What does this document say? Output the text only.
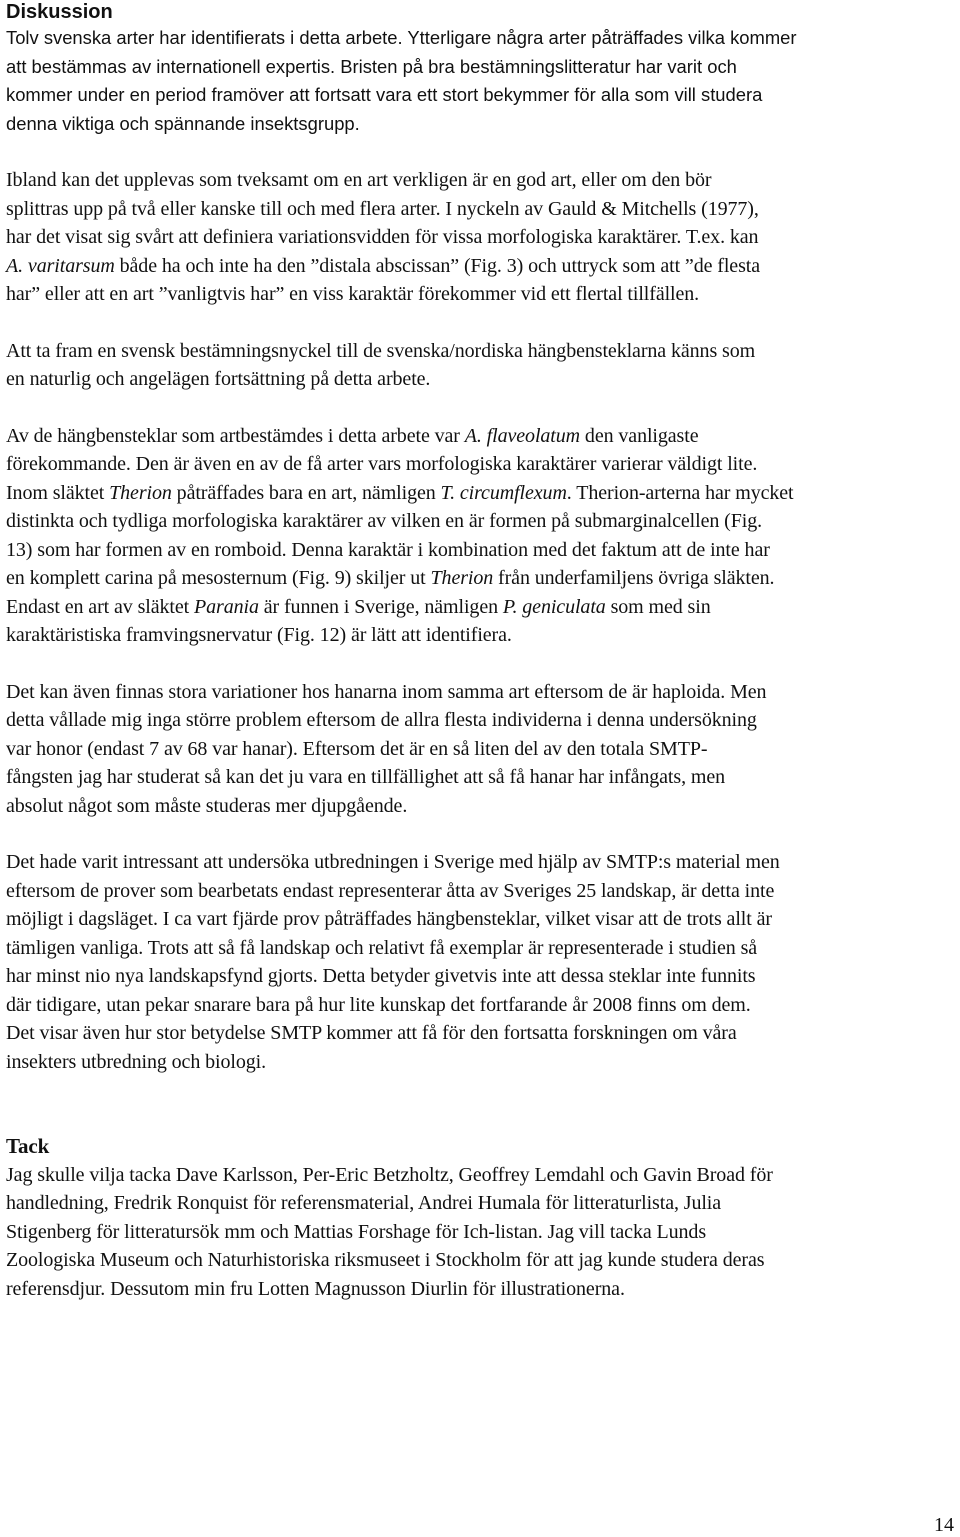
Diskussion

Tolv svenska arter har identifierats i detta arbete. Ytterligare några arter påträffades vilka kommer
att bestämmas av internationell expertis. Bristen på bra bestämningslitteratur har varit och
kommer under en period framöver att fortsatt vara ett stort bekymmer för alla som vill studera
denna viktiga och spännande insektsgrupp.

Ibland kan det upplevas som tveksamt om en art verkligen är en god art, eller om den bör
splittras upp på två eller kanske till och med flera arter. I nyckeln av Gauld & Mitchells (1977),
har det visat sig svårt att definiera variationsvidden för vissa morfologiska karaktärer. T.ex. kan
A. varitarsum både ha och inte ha den ”distala abscissan” (Fig. 3) och uttryck som att ”de flesta
har” eller att en art ”vanligtvis har” en viss karaktär förekommer vid ett flertal tillfällen.

Att ta fram en svensk bestämningsnyckel till de svenska/nordiska hängbensteklarna känns som
en naturlig och angelägen fortsättning på detta arbete.

Av de hängbensteklar som artbestämdes i detta arbete var A. flaveolatum den vanligaste
förekommande. Den är även en av de få arter vars morfologiska karaktärer varierar väldigt lite.
Inom släktet Therion påträffades bara en art, nämligen T. circumflexum. Therion-arterna har mycket
distinkta och tydliga morfologiska karaktärer av vilken en är formen på submarginalcellen (Fig.
13) som har formen av en romboid. Denna karaktär i kombination med det faktum att de inte har
en komplett carina på mesosternum (Fig. 9) skiljer ut Therion från underfamiljens övriga släkten.
Endast en art av släktet Parania är funnen i Sverige, nämligen P. geniculata som med sin
karaktäristiska framvingsnervatur (Fig. 12) är lätt att identifiera.

Det kan även finnas stora variationer hos hanarna inom samma art eftersom de är haploida. Men
detta vållade mig inga större problem eftersom de allra flesta individerna i denna undersökning
var honor (endast 7 av 68 var hanar). Eftersom det är en så liten del av den totala SMTP-
fångsten jag har studerat så kan det ju vara en tillfällighet att så få hanar har infångats, men
absolut något som måste studeras mer djupgående.

Det hade varit intressant att undersöka utbredningen i Sverige med hjälp av SMTP:s material men
eftersom de prover som bearbetats endast representerar åtta av Sveriges 25 landskap, är detta inte
möjligt i dagsläget. I ca vart fjärde prov påträffades hängbensteklar, vilket visar att de trots allt är
tämligen vanliga. Trots att så få landskap och relativt få exemplar är representerade i studien så
har minst nio nya landskapsfynd gjorts. Detta betyder givetvis inte att dessa steklar inte funnits
där tidigare, utan pekar snarare bara på hur lite kunskap det fortfarande år 2008 finns om dem.
Det visar även hur stor betydelse SMTP kommer att få för den fortsatta forskningen om våra
insekters utbredning och biologi.

Tack

Jag skulle vilja tacka Dave Karlsson, Per-Eric Betzholtz, Geoffrey Lemdahl och Gavin Broad för
handledning, Fredrik Ronquist för referensmaterial, Andrei Humala för litteraturlista, Julia
Stigenberg för litteratursök mm och Mattias Forshage för Ich-listan. Jag vill tacka Lunds
Zoologiska Museum och Naturhistoriska riksmuseet i Stockholm för att jag kunde studera deras
referensdjur. Dessutom min fru Lotten Magnusson Diurlin för illustrationerna.

14
